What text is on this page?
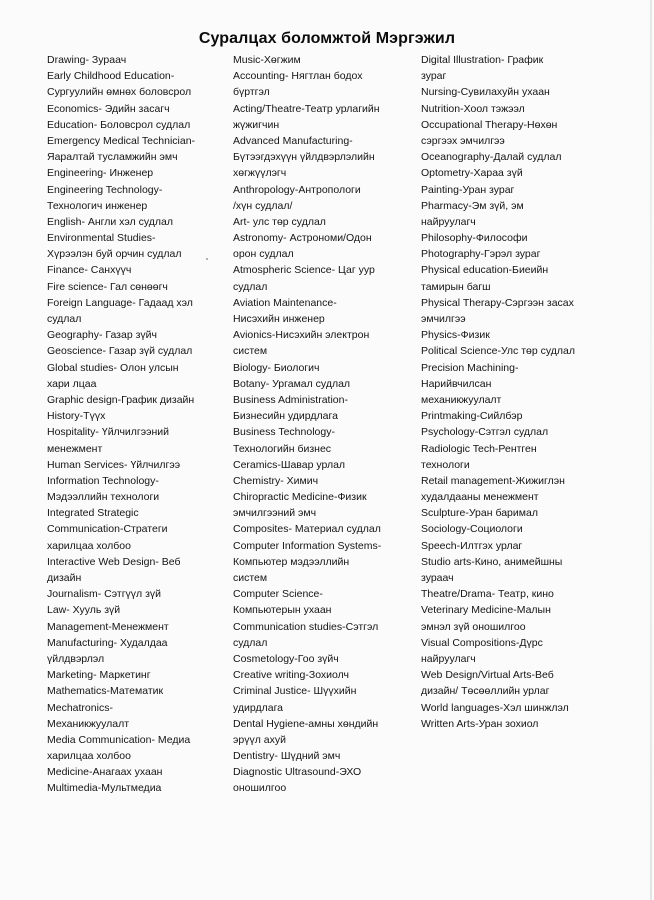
Суралцах боломжтой Мэргэжил
Drawing- Зураач
Early Childhood Education-
Сургуулийн өмнөх боловсрол
Economics- Эдийн засагч
Education- Боловсрол судлал
Emergency Medical Technician-
Яаралтай тусламжийн эмч
Engineering- Инженер
Engineering Technology-
Технологич инженер
English- Англи хэл судлал
Environmental Studies-
Хүрээлэн буй орчин судлал
Finance- Санхүүч
Fire science- Гал сөнөөгч
Foreign Language- Гадаад хэл
судлал
Geography- Газар зүйч
Geoscience- Газар зүй судлал
Global studies- Олон улсын
хари лцаа
Graphic design-График дизайн
History-Түүх
Hospitality- Үйлчилгээний
менежмент
Human Services- Үйлчилгээ
Information Technology-
Мэдээллийн технологи
Integrated Strategic
Communication-Стратеги
харилцаа холбоо
Interactive Web Design- Веб
дизайн
Journalism- Сэтгүүл зүй
Law- Хууль зүй
Management-Менежмент
Manufacturing- Худалдаа
үйлдвэрлэл
Marketing- Маркетинг
Mathematics-Математик
Mechatronics-
Механикжуулалт
Media Communication- Медиа
харилцаа холбоо
Medicine-Анагаах ухаан
Multimedia-Мультмедиа
Music-Хөгжим
Accounting- Нягтлан бодох
бүртгэл
Acting/Theatre-Театр урлагийн
жүжигчин
Advanced Manufacturing-
Бүтээгдэхүүн үйлдвэрлэлийн
хөгжүүлэгч
Anthropology-Антропологи
/хүн судлал/
Art- улс төр судлал
Astronomy- Астрономи/Одон
орон судлал
Atmospheric Science- Цаг уур
судлал
Aviation Maintenance-
Нисэхийн инженер
Avionics-Нисэхийн электрон
систем
Biology- Биологич
Botany- Ургамал судлал
Business Administration-
Бизнесийн удирдлага
Business Technology-
Технологийн бизнес
Ceramics-Шавар урлал
Chemistry- Химич
Chiropractic Medicine-Физик
эмчилгээний эмч
Composites- Материал судлал
Computer Information Systems-
Компьютер мэдээллийн
систем
Computer Science-
Компьютерын ухаан
Communication studies-Сэтгэл
судлал
Cosmetology-Гоо зүйч
Creative writing-Зохиолч
Criminal Justice- Шүүхийн
удирдлага
Dental Hygiene-амны хөндийн
эрүүл ахуй
Dentistry- Шүдний эмч
Diagnostic Ultrasound-ЭХО
оношилгоо
Digital Illustration- График
зураг
Nursing-Сувилахуйн ухаан
Nutrition-Хоол тэжээл
Occupational Therapy-Нөхөн
сэргээх эмчилгээ
Oceanography-Далай судлал
Optometry-Хараа зүй
Painting-Уран зураг
Pharmacy-Эм зүй, эм
найруулагч
Philosophy-Философи
Photography-Гэрэл зураг
Physical education-Биеийн
тамирын багш
Physical Therapy-Сэргээн засах
эмчилгээ
Physics-Физик
Political Science-Улс төр судлал
Precision Machining-
Нарийвчилсан
механикжуулалт
Printmaking-Сийлбэр
Psychology-Сэтгэл судлал
Radiologic Tech-Рентген
технологи
Retail management-Жижиглэн
худалдааны менежмент
Sculpture-Уран баримал
Sociology-Социологи
Speech-Илтгэх урлаг
Studio arts-Кино, анимейшны
зураач
Theatre/Drama- Театр, кино
Veterinary Medicine-Малын
эмнэл зүй оношилгоо
Visual Compositions-Дүрс
найруулагч
Web Design/Virtual Arts-Веб
дизайн/ Төсөөллийн урлаг
World languages-Хэл шинжлэл
Written Arts-Уран зохиол
